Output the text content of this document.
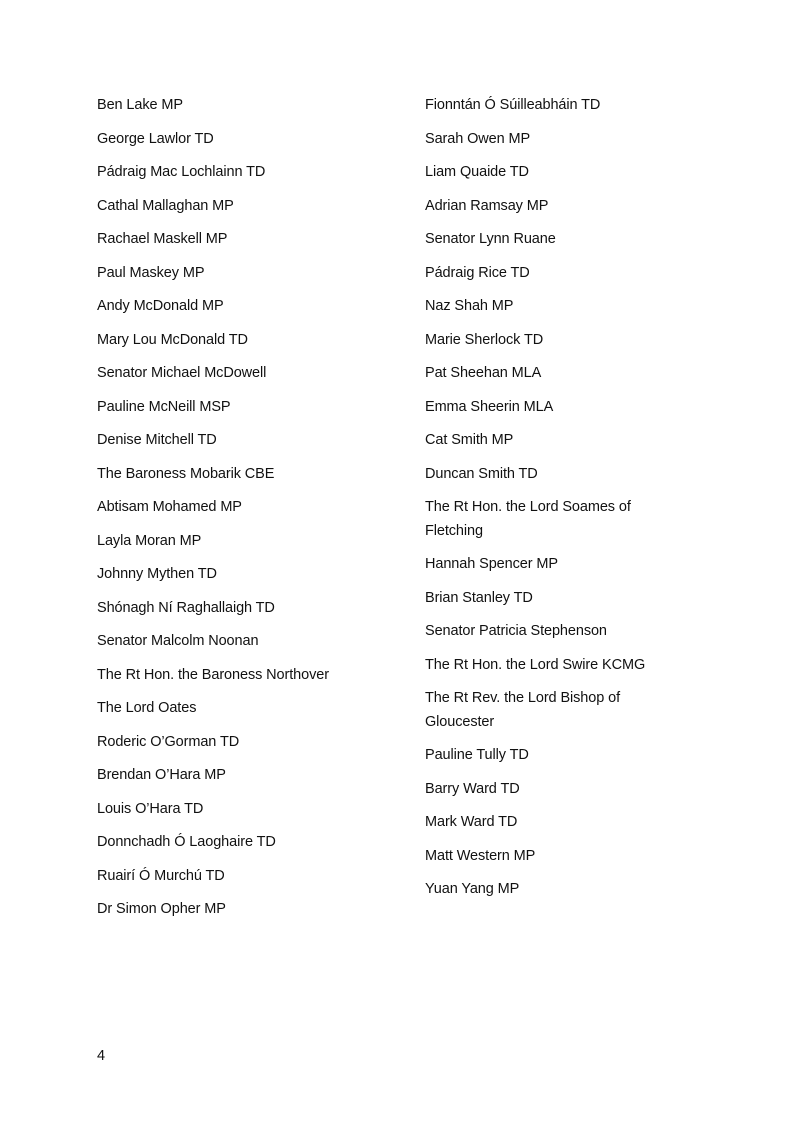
Ben Lake MP
George Lawlor TD
Pádraig Mac Lochlainn TD
Cathal Mallaghan MP
Rachael Maskell MP
Paul Maskey MP
Andy McDonald MP
Mary Lou McDonald TD
Senator Michael McDowell
Pauline McNeill MSP
Denise Mitchell TD
The Baroness Mobarik CBE
Abtisam Mohamed MP
Layla Moran MP
Johnny Mythen TD
Shónagh Ní Raghallaigh TD
Senator Malcolm Noonan
The Rt Hon. the Baroness Northover
The Lord Oates
Roderic O’Gorman TD
Brendan O’Hara MP
Louis O’Hara TD
Donnchadh Ó Laoghaire TD
Ruairí Ó Murchú TD
Dr Simon Opher MP
Fionntán Ó Súilleabháin TD
Sarah Owen MP
Liam Quaide TD
Adrian Ramsay MP
Senator Lynn Ruane
Pádraig Rice TD
Naz Shah MP
Marie Sherlock TD
Pat Sheehan MLA
Emma Sheerin MLA
Cat Smith MP
Duncan Smith TD
The Rt Hon. the Lord Soames of Fletching
Hannah Spencer MP
Brian Stanley TD
Senator Patricia Stephenson
The Rt Hon. the Lord Swire KCMG
The Rt Rev. the Lord Bishop of Gloucester
Pauline Tully TD
Barry Ward TD
Mark Ward TD
Matt Western MP
Yuan Yang MP
4
